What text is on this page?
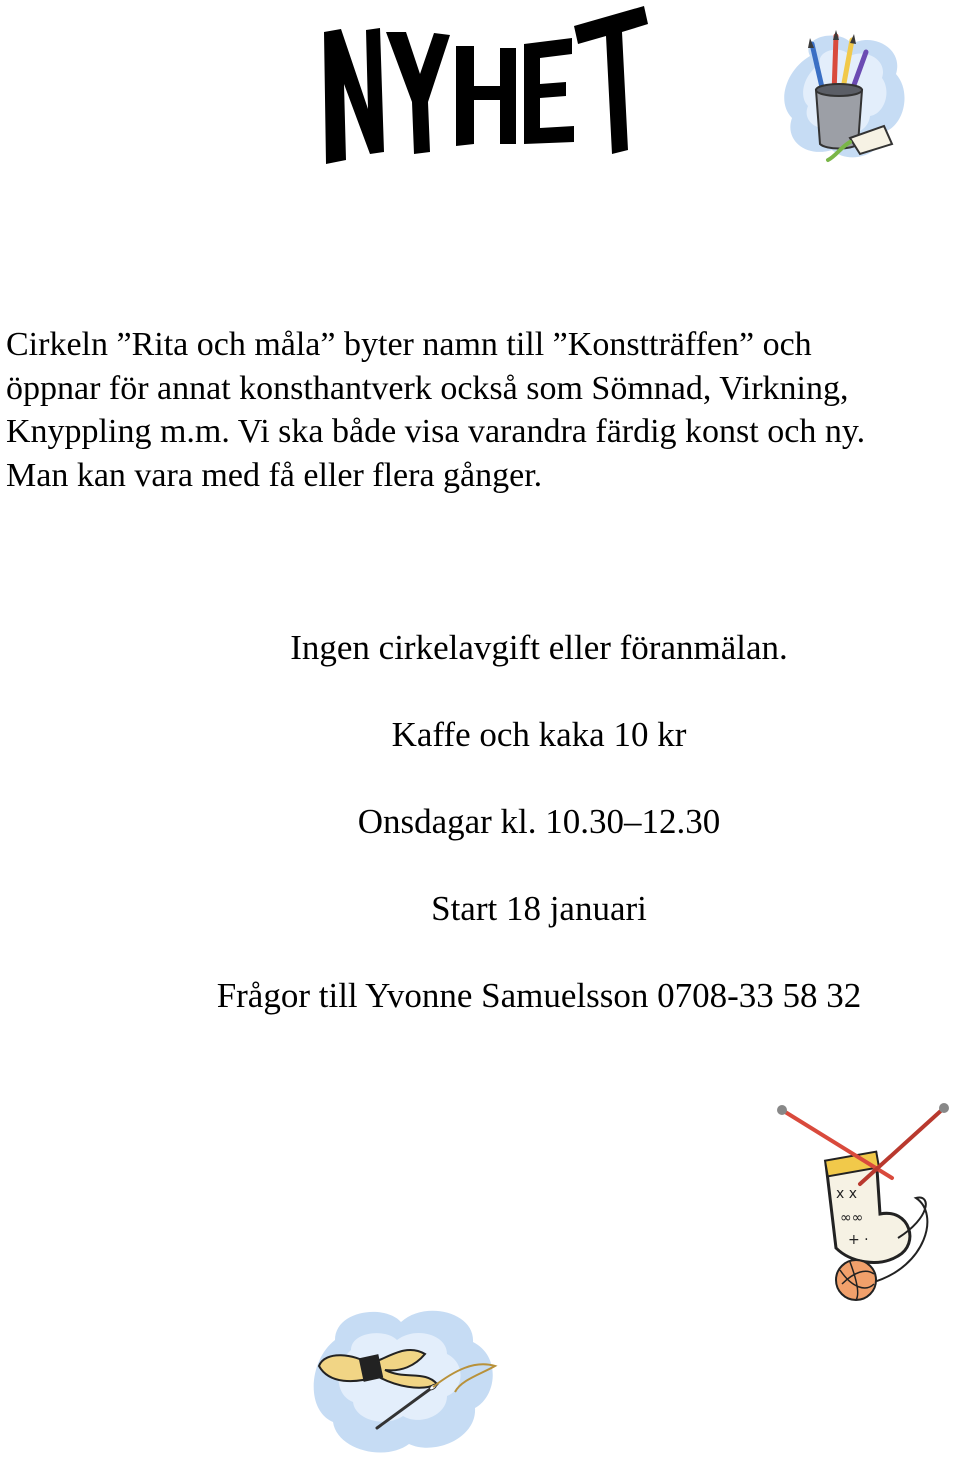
Cirkeln ”Rita och måla” byter namn till ”Konstträffen” och

öppnar för annat konsthantverk också som Sömnad, Virkning,

Knyppling m.m. Vi ska både visa varandra färdig konst och ny.

Man kan vara med få eller flera gånger.

Ingen cirkelavgift eller föranmälan.
Kaffe och kaka 10 kr
Onsdagar kl. 10.30–12.30
Start 18 januari
Frågor till Yvonne Samuelsson 0708-33 58 32
x x
∞∞
+ ·
